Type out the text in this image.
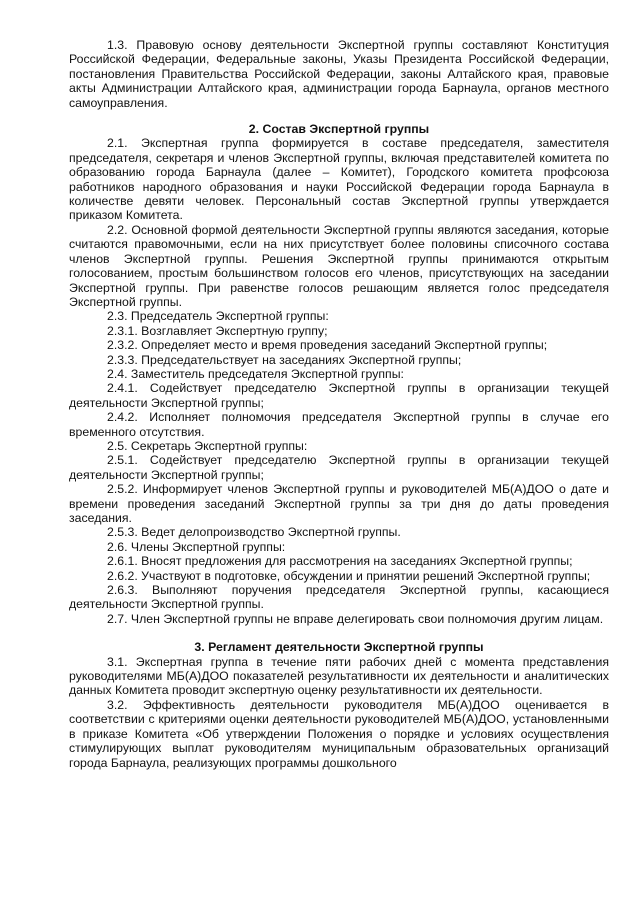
1.3. Правовую основу деятельности Экспертной группы составляют Конституция Российской Федерации, Федеральные законы, Указы Президента Российской Федерации, постановления Правительства Российской Федерации, законы Алтайского края, правовые акты Администрации Алтайского края, администрации города Барнаула, органов местного самоуправления.

2. Состав Экспертной группы

2.1. Экспертная группа формируется в составе председателя, заместителя председателя, секретаря и членов Экспертной группы, включая представителей комитета по образованию города Барнаула (далее – Комитет), Городского комитета профсоюза работников народного образования и науки Российской Федерации города Барнаула в количестве девяти человек. Персональный состав Экспертной группы утверждается приказом Комитета.

2.2. Основной формой деятельности Экспертной группы являются заседания, которые считаются правомочными, если на них присутствует более половины списочного состава членов Экспертной группы. Решения Экспертной группы принимаются открытым голосованием, простым большинством голосов его членов, присутствующих на заседании Экспертной группы. При равенстве голосов решающим является голос председателя Экспертной группы.

2.3. Председатель Экспертной группы:

2.3.1. Возглавляет Экспертную группу;

2.3.2. Определяет место и время проведения заседаний Экспертной группы;

2.3.3. Председательствует на заседаниях Экспертной группы;

2.4. Заместитель председателя Экспертной группы:

2.4.1. Содействует председателю Экспертной группы в организации текущей деятельности Экспертной группы;

2.4.2. Исполняет полномочия председателя Экспертной группы в случае его временного отсутствия.

2.5. Секретарь Экспертной группы:

2.5.1. Содействует председателю Экспертной группы в организации текущей деятельности Экспертной группы;

2.5.2. Информирует членов Экспертной группы и руководителей МБ(А)ДОО о дате и времени проведения заседаний Экспертной группы за три дня до даты проведения заседания.

2.5.3. Ведет делопроизводство Экспертной группы.

2.6. Члены Экспертной группы:

2.6.1. Вносят предложения для рассмотрения на заседаниях Экспертной группы;

2.6.2. Участвуют в подготовке, обсуждении и принятии решений Экспертной группы;

2.6.3. Выполняют поручения председателя Экспертной группы, касающиеся деятельности Экспертной группы.

2.7. Член Экспертной группы не вправе делегировать свои полномочия другим лицам.

3. Регламент деятельности Экспертной группы

3.1. Экспертная группа в течение пяти рабочих дней с момента представления руководителями МБ(А)ДОО показателей результативности их деятельности и аналитических данных Комитета проводит экспертную оценку результативности их деятельности.

3.2. Эффективность деятельности руководителя МБ(А)ДОО оценивается в соответствии с критериями оценки деятельности руководителей МБ(А)ДОО, установленными в приказе Комитета «Об утверждении Положения о порядке и условиях осуществления стимулирующих выплат руководителям муниципальным образовательных организаций города Барнаула, реализующих программы дошкольного
